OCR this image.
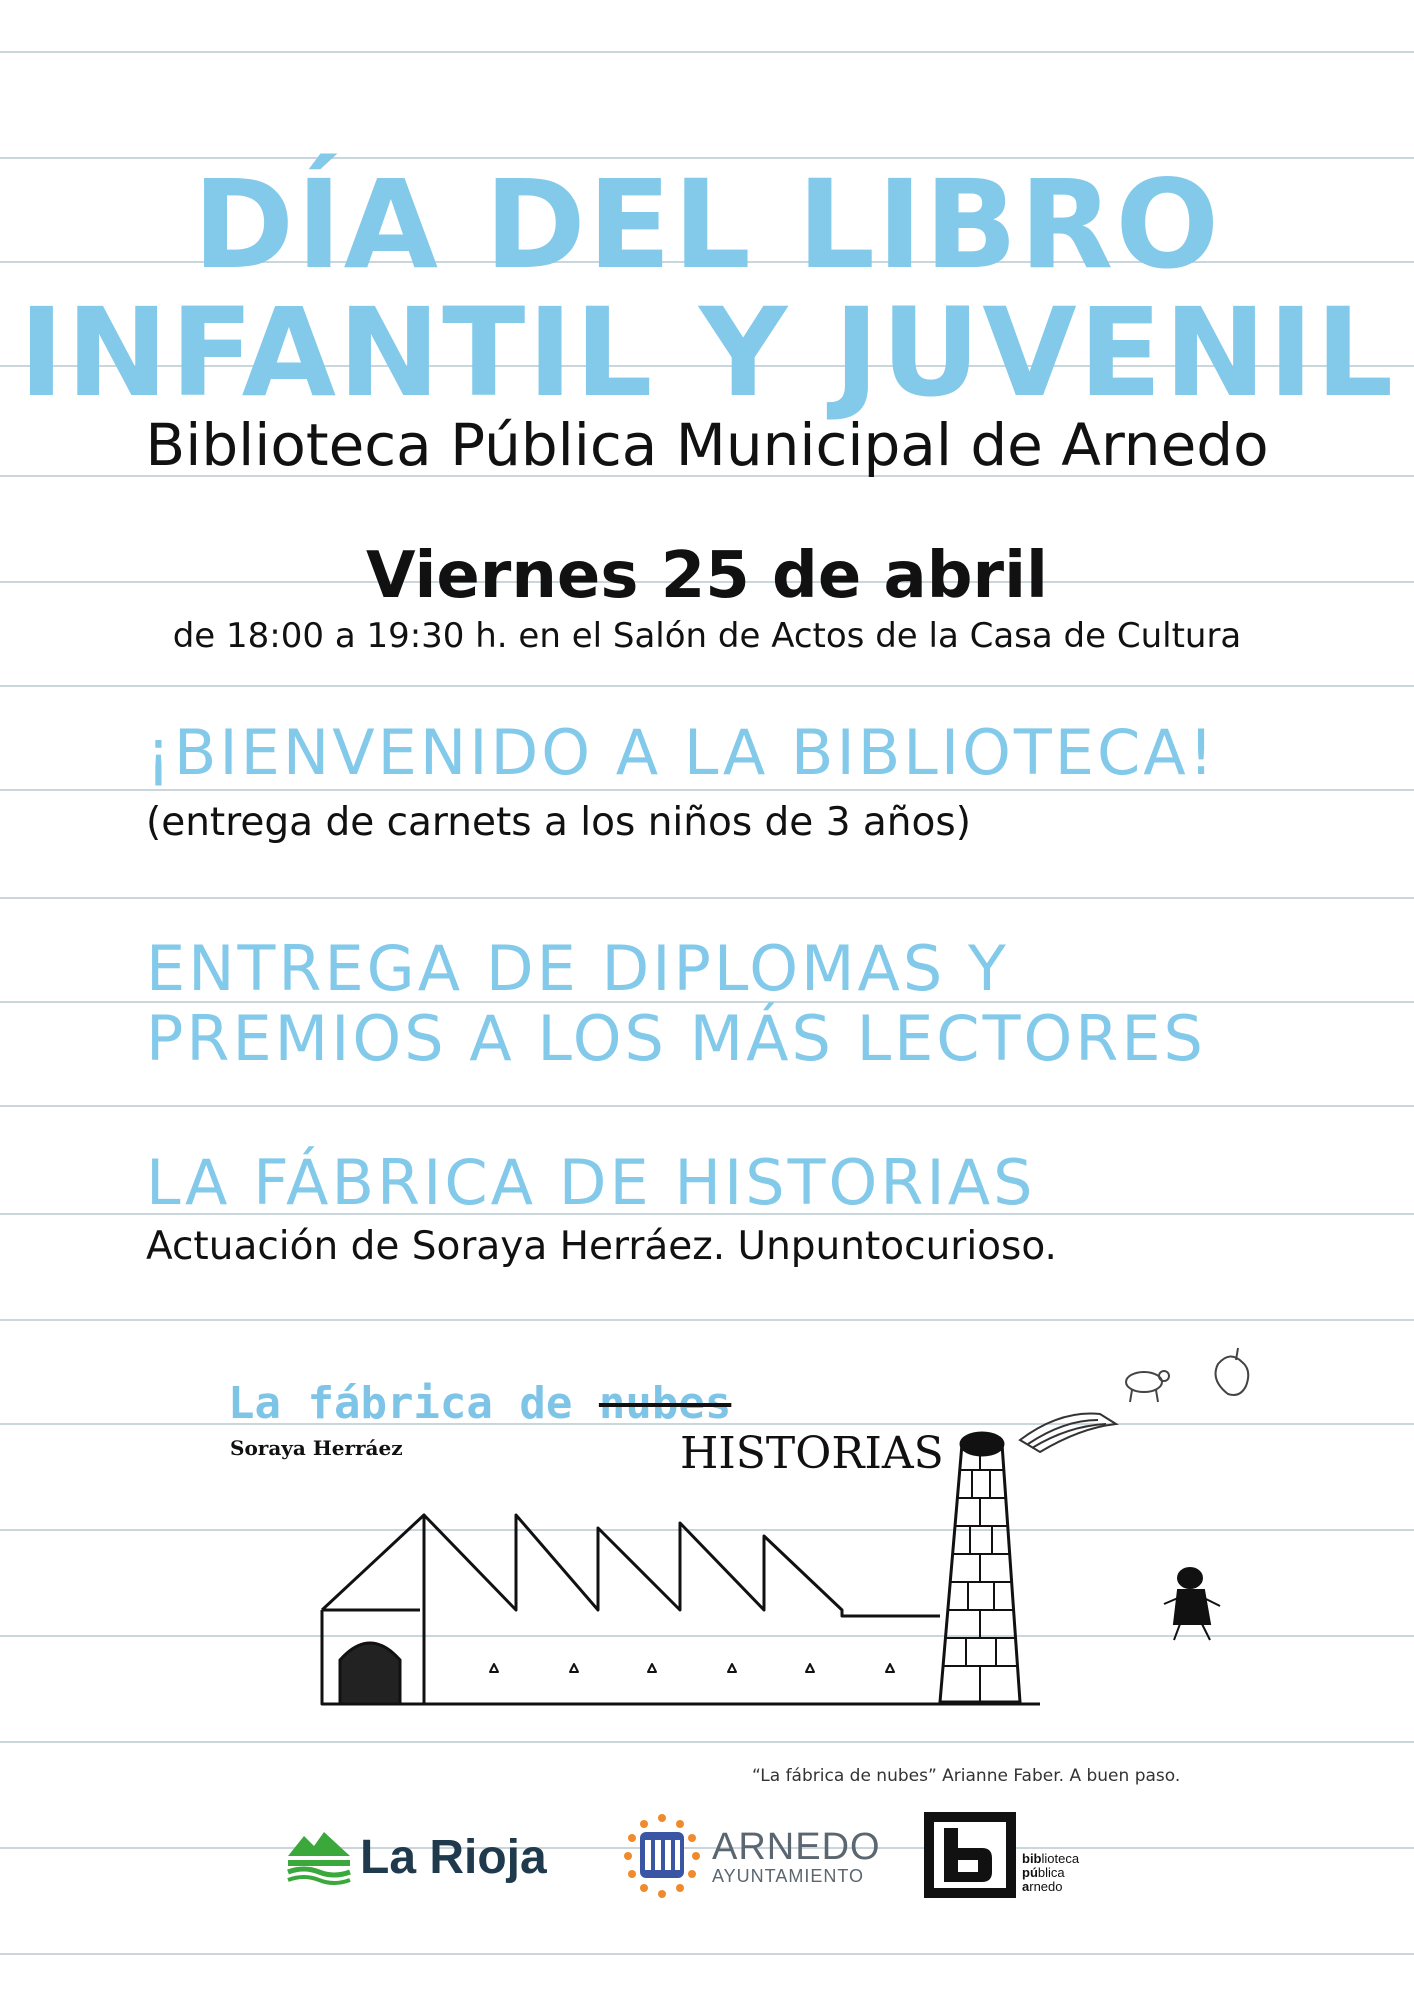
DÍA DEL LIBRO
INFANTIL Y JUVENIL
Biblioteca Pública Municipal de Arnedo
Viernes 25 de abril
de 18:00 a 19:30 h. en el Salón de Actos de la Casa de Cultura
¡BIENVENIDO A LA BIBLIOTECA!
(entrega de carnets a los niños de 3 años)
ENTREGA DE DIPLOMAS Y
PREMIOS A LOS MÁS LECTORES
LA FÁBRICA DE HISTORIAS
Actuación de Soraya Herráez. Unpuntocurioso.
La fábrica de nubes
Soraya Herráez	HISTORIAS
“La fábrica de nubes” Arianne Faber. A buen paso.
La Rioja	ARNEDO
AYUNTAMIENTO
biblioteca
pública
arnedo
